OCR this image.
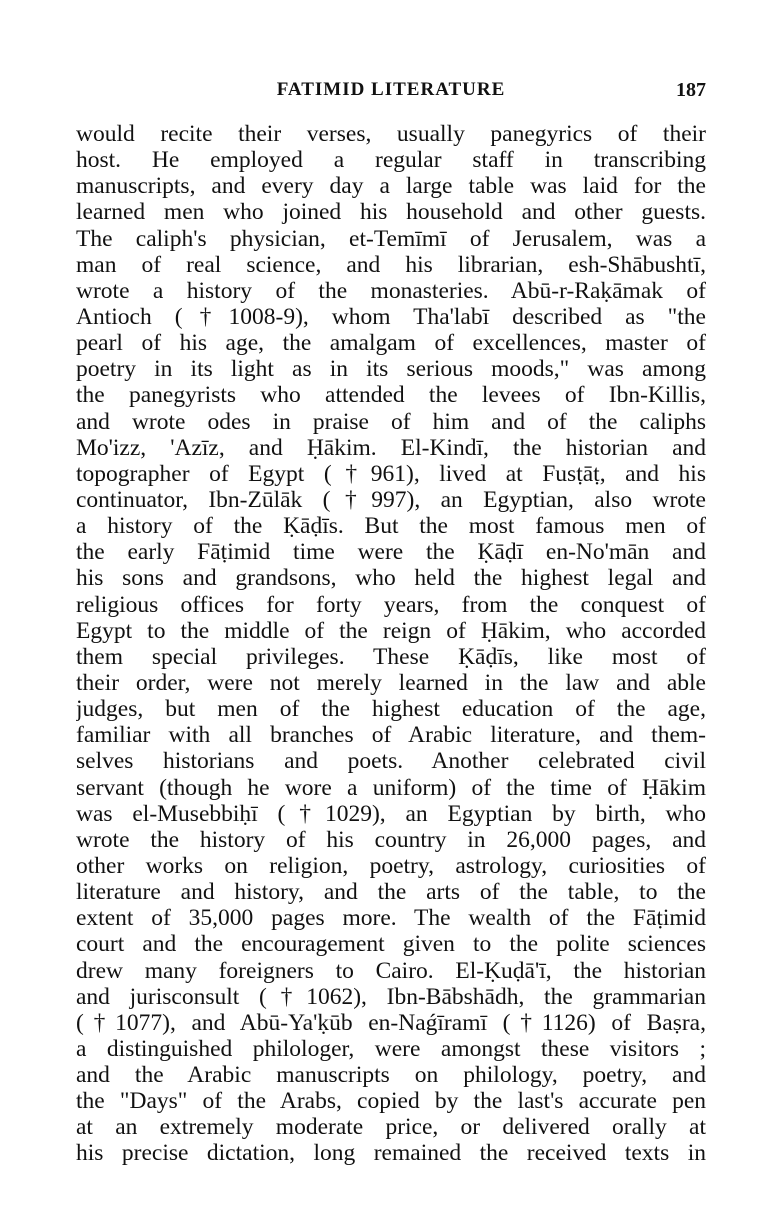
FATIMID LITERATURE	187
would recite their verses, usually panegyrics of their
host. He employed a regular staff in transcribing
manuscripts, and every day a large table was laid for the
learned men who joined his household and other guests.
The caliph's physician, et-Temīmī of Jerusalem, was a
man of real science, and his librarian, esh-Shābushtī,
wrote a history of the monasteries. Abū-r-Raḳāmak of
Antioch (†1008-9), whom Tha'labī described as "the
pearl of his age, the amalgam of excellences, master of
poetry in its light as in its serious moods," was among
the panegyrists who attended the levees of Ibn-Killis,
and wrote odes in praise of him and of the caliphs
Mo'izz, 'Azīz, and Ḥākim. El-Kindī, the historian and
topographer of Egypt (†961), lived at Fusṭāṭ, and his
continuator, Ibn-Zūlāk (†997), an Egyptian, also wrote
a history of the Ḳāḍīs. But the most famous men of
the early Fāṭimid time were the Ḳāḍī en-No'mān and
his sons and grandsons, who held the highest legal and
religious offices for forty years, from the conquest of
Egypt to the middle of the reign of Ḥākim, who accorded
them special privileges. These Ḳāḍīs, like most of
their order, were not merely learned in the law and able
judges, but men of the highest education of the age,
familiar with all branches of Arabic literature, and them-
selves historians and poets. Another celebrated civil
servant (though he wore a uniform) of the time of Ḥākim
was el-Musebbiḥī (†1029), an Egyptian by birth, who
wrote the history of his country in 26,000 pages, and
other works on religion, poetry, astrology, curiosities of
literature and history, and the arts of the table, to the
extent of 35,000 pages more. The wealth of the Fāṭimid
court and the encouragement given to the polite sciences
drew many foreigners to Cairo. El-Ḳuḍā'ī, the historian
and jurisconsult (†1062), Ibn-Bābshādh, the grammarian
(†1077), and Abū-Ya'ḳūb en-Naǵīramī (†1126) of Baṣra,
a distinguished philologer, were amongst these visitors ;
and the Arabic manuscripts on philology, poetry, and
the "Days" of the Arabs, copied by the last's accurate pen
at an extremely moderate price, or delivered orally at
his precise dictation, long remained the received texts in
